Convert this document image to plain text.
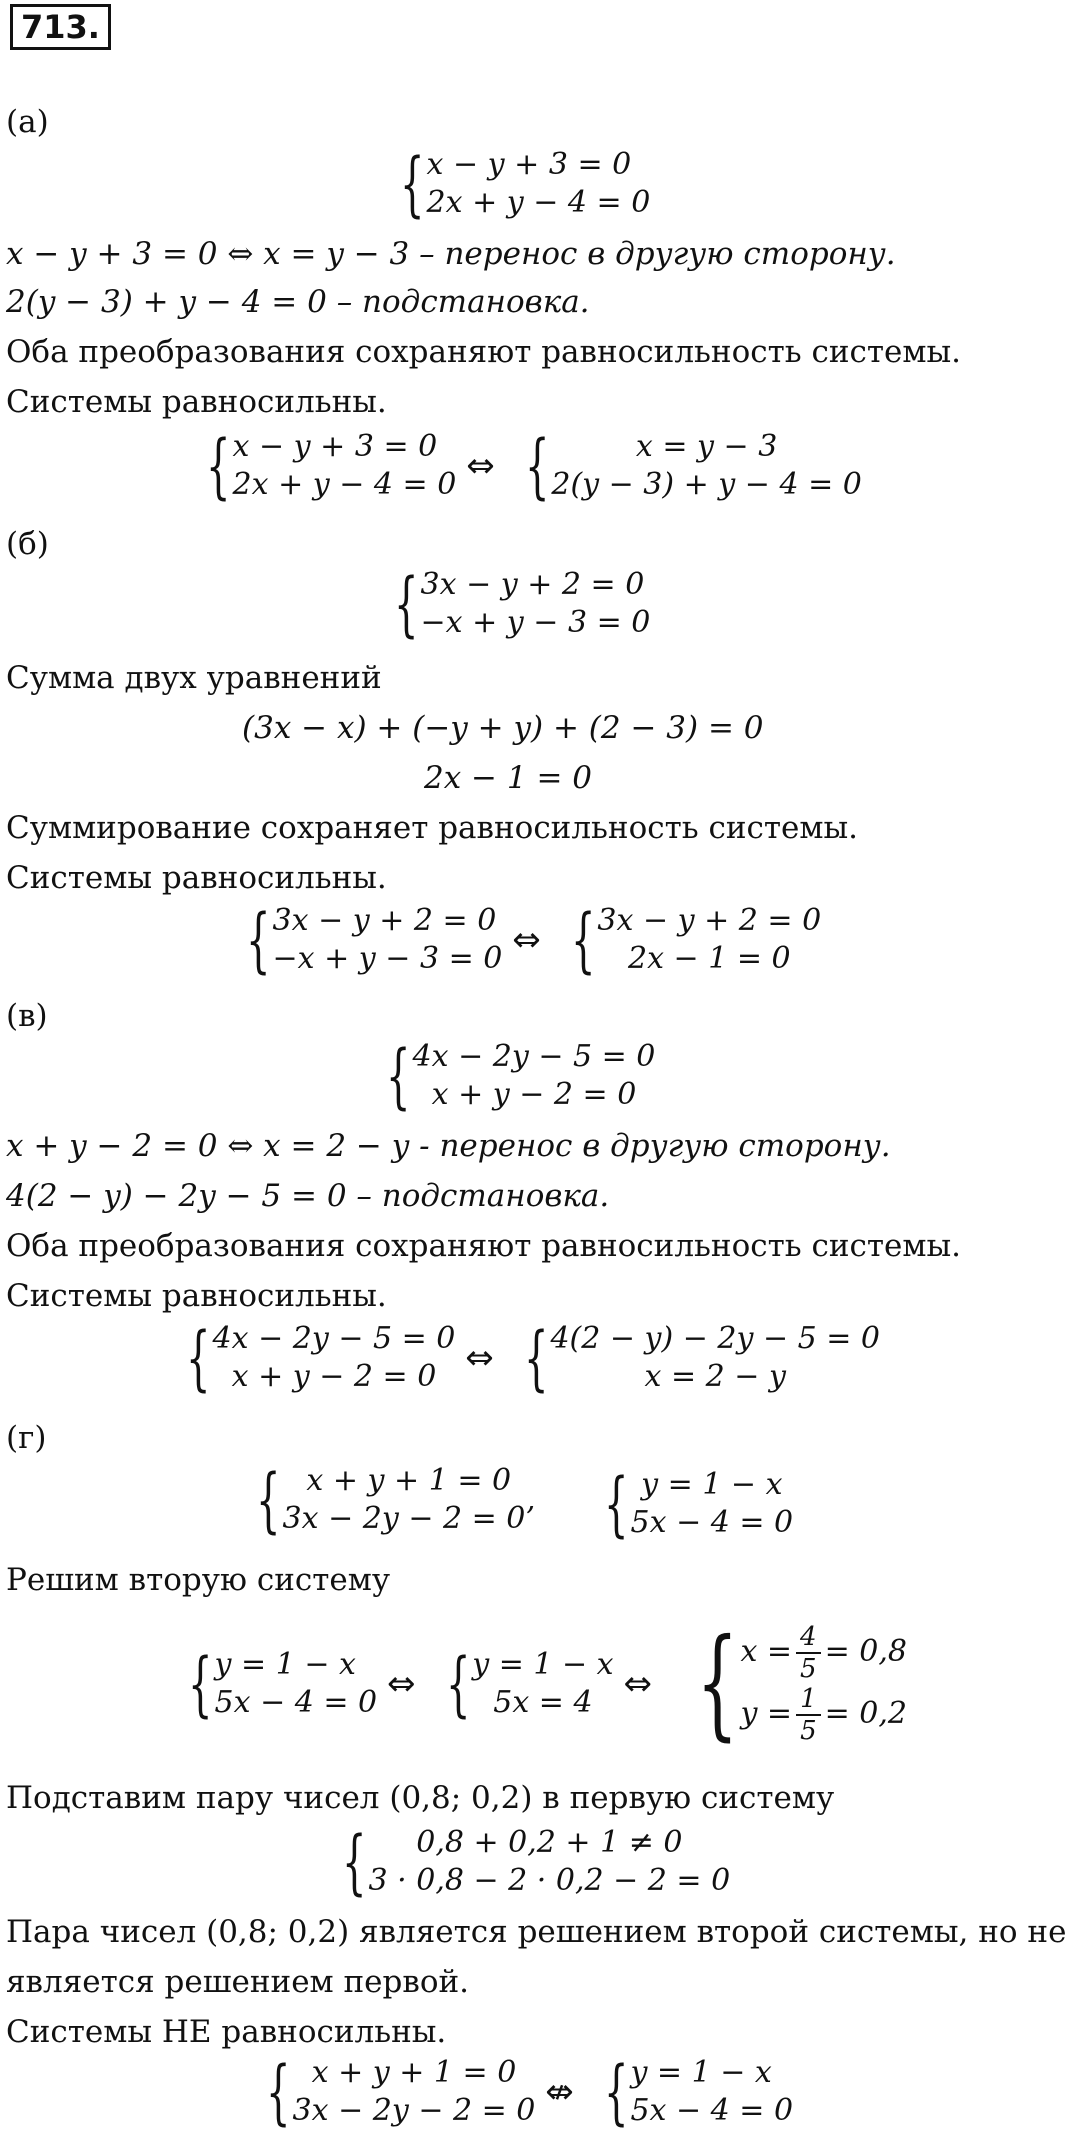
713.
(а)
{ x − y + 3 = 0
2x + y − 4 = 0
x − y + 3 = 0 ⇔ x = y − 3 – перенос в другую сторону.
2(y − 3) + y − 4 = 0 – подстановка.
Оба преобразования сохраняют равносильность системы.
Системы равносильны.
{ x − y + 3 = 0
2x + y − 4 = 0 ⇔ {	x = y − 3
2(y − 3) + y − 4 = 0
(б)
{ 3x − y + 2 = 0
−x + y − 3 = 0
Сумма двух уравнений
(3x − x) + (−y + y) + (2 − 3) = 0
2x − 1 = 0
Суммирование сохраняет равносильность системы.
Системы равносильны.
{ 3x − y + 2 = 0
−x + y − 3 = 0 ⇔ { 3x − y + 2 = 0
2x − 1 = 0
(в)
{ 4x − 2y − 5 = 0
x + y − 2 = 0
x + y − 2 = 0 ⇔ x = 2 − y - перенос в другую сторону.
4(2 − y) − 2y − 5 = 0 – подстановка.
Оба преобразования сохраняют равносильность системы.
Системы равносильны.
{ 4x − 2y − 5 = 0
x + y − 2 = 0 ⇔ { 4(2 − y) − 2y − 5 = 0
x = 2 − y
(г)
{ x + y + 1 = 0
3x − 2y − 2 = 0’ { y = 1 − x
5x − 4 = 0
Решим вторую систему
{ y = 1 − x
5x − 4 = 0 ⇔ { y = 1 − x
5x = 4 ⇔ { $x = \frac{4}{5} = 0,8$
$y = \frac{1}{5} = 0,2$
Подставим пару чисел (0,8; 0,2) в первую систему
{ 0,8 + 0,2 + 1 ≠ 0
3 · 0,8 − 2 · 0,2 − 2 = 0
Пара чисел (0,8; 0,2) является решением второй системы, но не
является решением первой.
Системы НЕ равносильны.
{ x + y + 1 = 0
3x − 2y − 2 = 0 ⇎ { y = 1 − x
5x − 4 = 0
